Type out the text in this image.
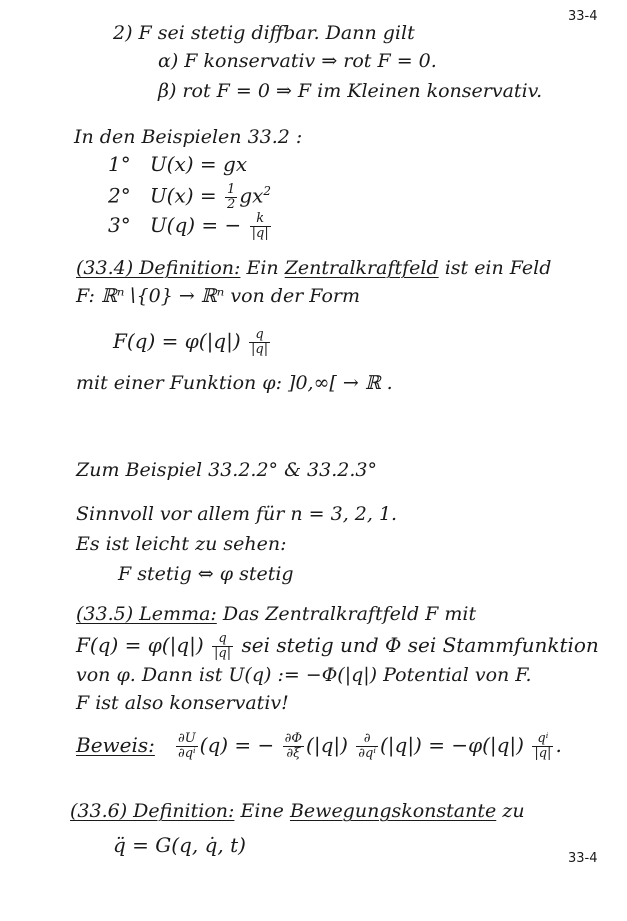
33-4
2) F sei stetig diffbar. Dann gilt
α) F konservativ ⇒ rot F = 0.
β) rot F = 0 ⇒ F im Kleinen konservativ.
In den Beispielen 33.2 :
1° U(x) = gx
2° $U(x) = \frac{1}{2} gx^2$
3° U(q) = − $\frac{k}{|q|}$
(33.4) Definition: Ein Zentralkraftfeld ist ein Feld
F: ℝⁿ∖{0} → ℝⁿ von der Form
$F(q) = \varphi(|q|) \frac{q}{|q|}$
mit einer Funktion φ: ]0,∞[ → ℝ .
Zum Beispiel 33.2.2° & 33.2.3°
Sinnvoll vor allem für n = 3, 2, 1.
Es ist leicht zu sehen:
F stetig ⇔ φ stetig
(33.5) Lemma: Das Zentralkraftfeld F mit
$F(q) = \varphi(|q|) \frac{q}{|q|}$ sei stetig und Φ sei Stammfunktion
von φ. Dann ist U(q) := −Φ(|q|) Potential von F.
F ist also konservativ!
Beweis: $\frac{\partial U}{\text{∂qⁱ}} (q)$ = − $\frac{\partial\Phi}{\partial\xi} (|q|) \frac{\partial}{\text{∂qⁱ}} (|q|) = -\varphi(|q|) \frac{\text{qⁱ}}{|q|}$ .
(33.6) Definition: Eine Bewegungskonstante zu
q̈ = G(q, q̇, t)
33-4
